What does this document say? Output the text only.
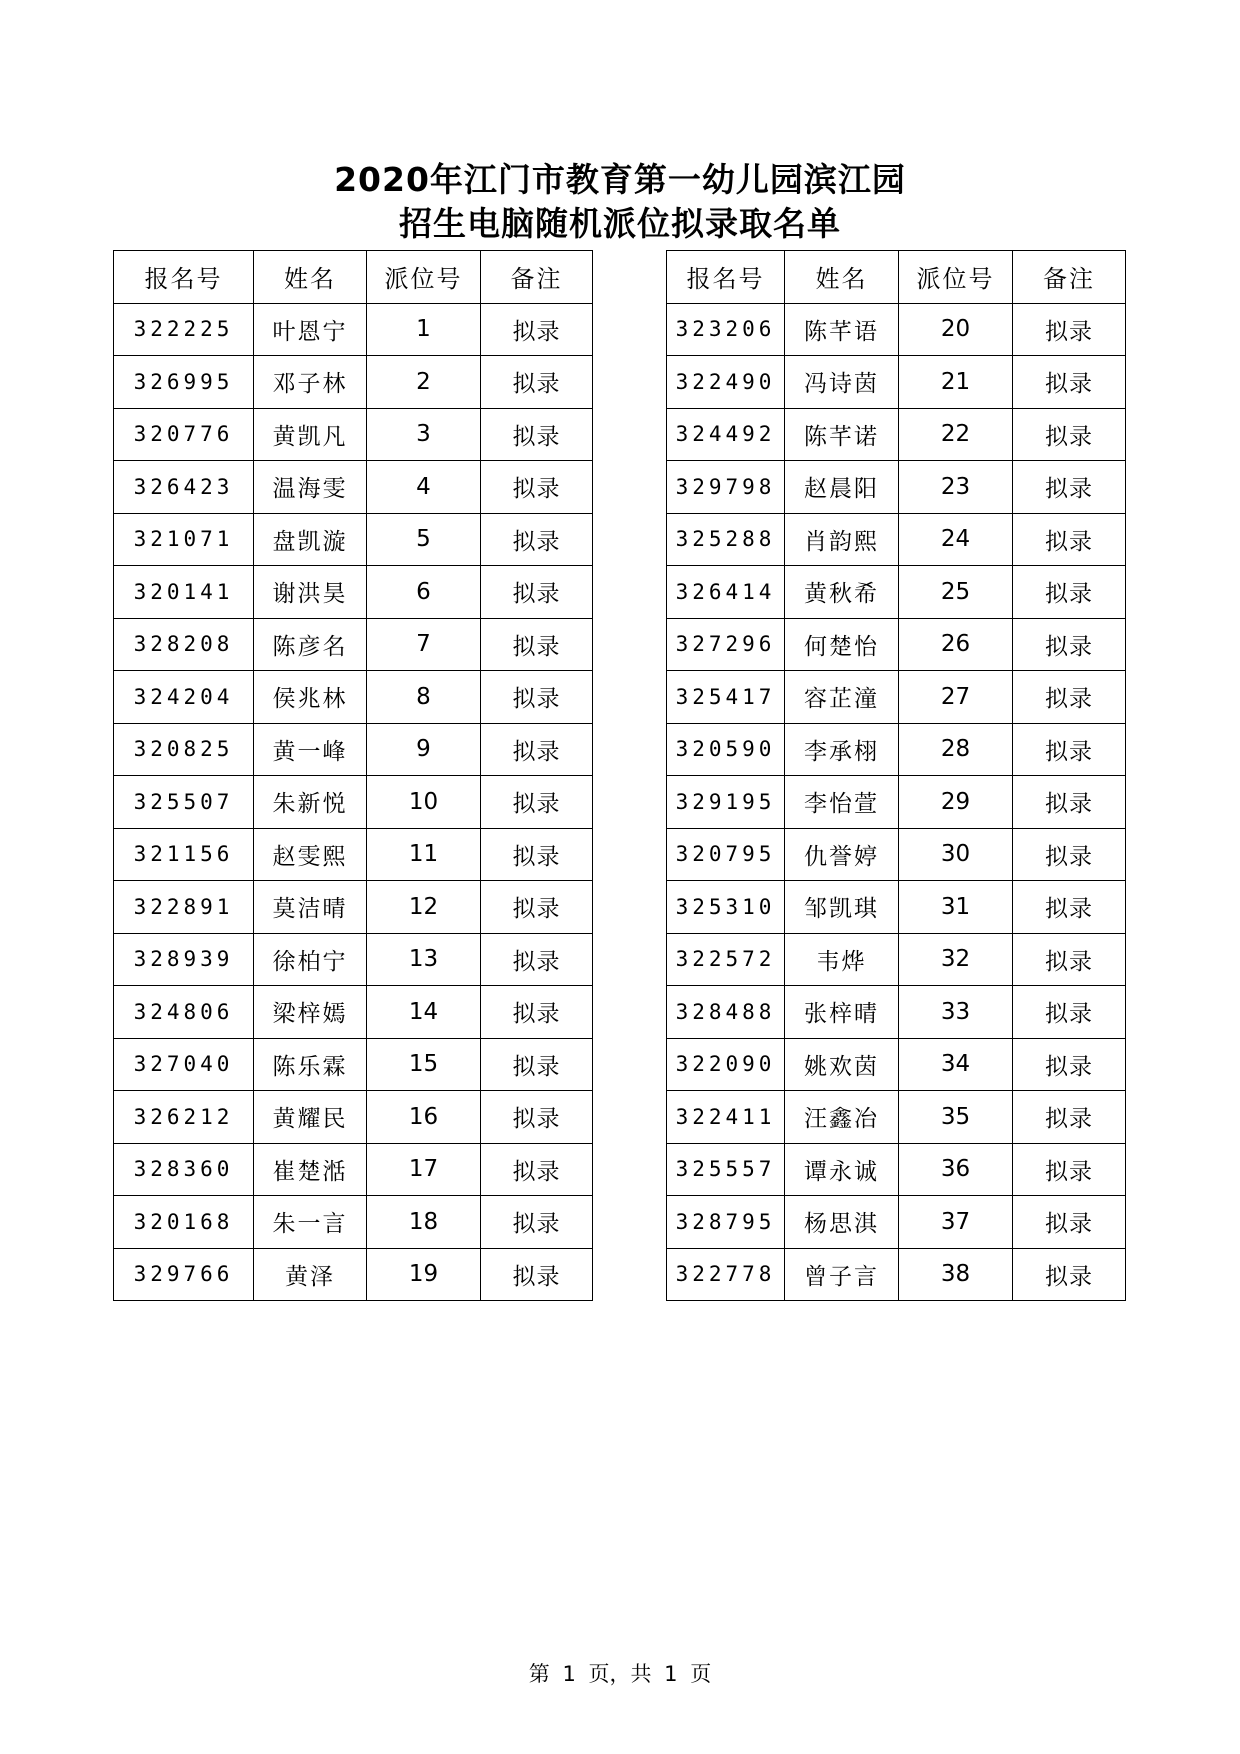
2020年江门市教育第一幼儿园滨江园
招生电脑随机派位拟录取名单
报名号	姓名	派位号	备注
322225	叶恩宁	1	拟录
326995	邓子林	2	拟录
320776	黄凯凡	3	拟录
326423	温海雯	4	拟录
321071	盘凯漩	5	拟录
320141	谢洪昊	6	拟录
328208	陈彦名	7	拟录
324204	侯兆林	8	拟录
320825	黄一峰	9	拟录
325507	朱新悦	10	拟录
321156	赵雯熙	11	拟录
322891	莫洁晴	12	拟录
328939	徐柏宁	13	拟录
324806	梁梓嫣	14	拟录
327040	陈乐霖	15	拟录
326212	黄耀民	16	拟录
328360	崔楚湉	17	拟录
320168	朱一言	18	拟录
329766	黄泽	19	拟录
报名号	姓名	派位号	备注
323206	陈芊语	20	拟录
322490	冯诗茵	21	拟录
324492	陈芊诺	22	拟录
329798	赵晨阳	23	拟录
325288	肖韵熙	24	拟录
326414	黄秋希	25	拟录
327296	何楚怡	26	拟录
325417	容芷潼	27	拟录
320590	李承栩	28	拟录
329195	李怡萱	29	拟录
320795	仇誉婷	30	拟录
325310	邹凯琪	31	拟录
322572	韦烨	32	拟录
328488	张梓晴	33	拟录
322090	姚欢茵	34	拟录
322411	汪鑫冶	35	拟录
325557	谭永诚	36	拟录
328795	杨思淇	37	拟录
322778	曾子言	38	拟录
第 1 页，共 1 页
